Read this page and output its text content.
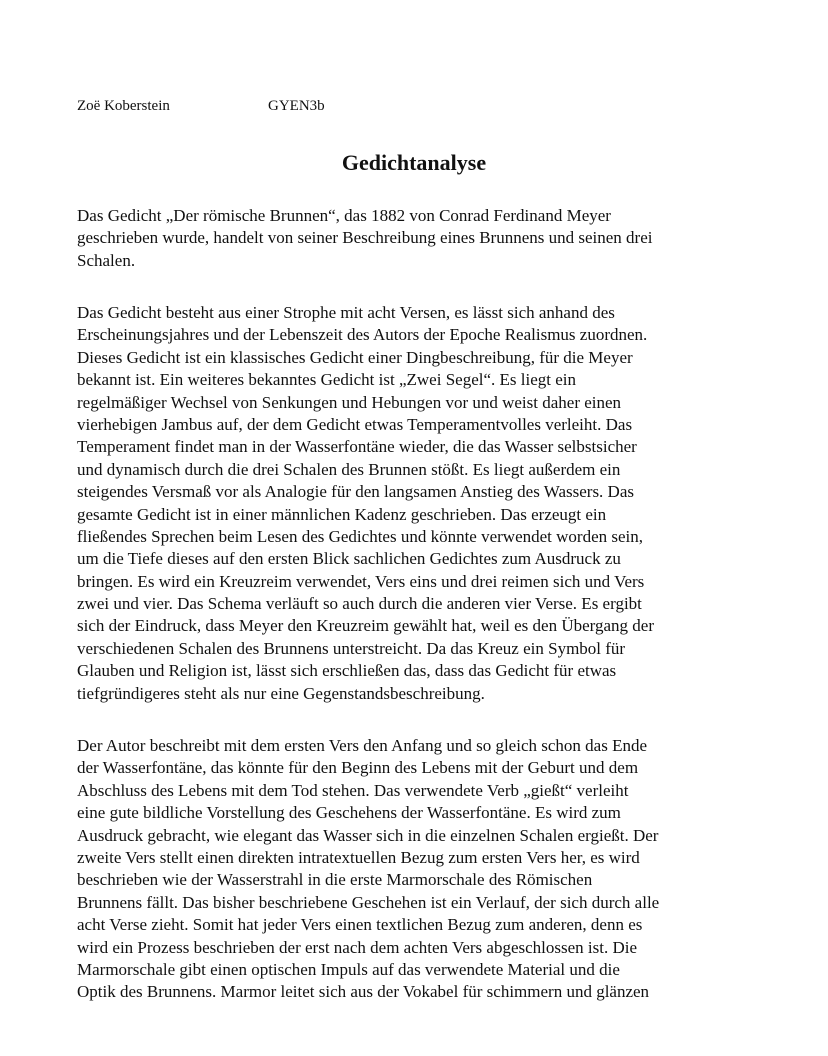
Zoë Koberstein	GYEN3b
Gedichtanalyse
Das Gedicht „Der römische Brunnen“, das 1882 von Conrad Ferdinand Meyer
geschrieben wurde, handelt von seiner Beschreibung eines Brunnens und seinen drei
Schalen.
Das Gedicht besteht aus einer Strophe mit acht Versen, es lässt sich anhand des
Erscheinungsjahres und der Lebenszeit des Autors der Epoche Realismus zuordnen.
Dieses Gedicht ist ein klassisches Gedicht einer Dingbeschreibung, für die Meyer
bekannt ist. Ein weiteres bekanntes Gedicht ist „Zwei Segel“. Es liegt ein
regelmäßiger Wechsel von Senkungen und Hebungen vor und weist daher einen
vierhebigen Jambus auf, der dem Gedicht etwas Temperamentvolles verleiht. Das
Temperament findet man in der Wasserfontäne wieder, die das Wasser selbstsicher
und dynamisch durch die drei Schalen des Brunnen stößt. Es liegt außerdem ein
steigendes Versmaß vor als Analogie für den langsamen Anstieg des Wassers. Das
gesamte Gedicht ist in einer männlichen Kadenz geschrieben. Das erzeugt ein
fließendes Sprechen beim Lesen des Gedichtes und könnte verwendet worden sein,
um die Tiefe dieses auf den ersten Blick sachlichen Gedichtes zum Ausdruck zu
bringen. Es wird ein Kreuzreim verwendet, Vers eins und drei reimen sich und Vers
zwei und vier. Das Schema verläuft so auch durch die anderen vier Verse. Es ergibt
sich der Eindruck, dass Meyer den Kreuzreim gewählt hat, weil es den Übergang der
verschiedenen Schalen des Brunnens unterstreicht. Da das Kreuz ein Symbol für
Glauben und Religion ist, lässt sich erschließen das, dass das Gedicht für etwas
tiefgründigeres steht als nur eine Gegenstandsbeschreibung.
Der Autor beschreibt mit dem ersten Vers den Anfang und so gleich schon das Ende
der Wasserfontäne, das könnte für den Beginn des Lebens mit der Geburt und dem
Abschluss des Lebens mit dem Tod stehen. Das verwendete Verb „gießt“ verleiht
eine gute bildliche Vorstellung des Geschehens der Wasserfontäne. Es wird zum
Ausdruck gebracht, wie elegant das Wasser sich in die einzelnen Schalen ergießt. Der
zweite Vers stellt einen direkten intratextuellen Bezug zum ersten Vers her, es wird
beschrieben wie der Wasserstrahl in die erste Marmorschale des Römischen
Brunnens fällt. Das bisher beschriebene Geschehen ist ein Verlauf, der sich durch alle
acht Verse zieht. Somit hat jeder Vers einen textlichen Bezug zum anderen, denn es
wird ein Prozess beschrieben der erst nach dem achten Vers abgeschlossen ist. Die
Marmorschale gibt einen optischen Impuls auf das verwendete Material und die
Optik des Brunnens. Marmor leitet sich aus der Vokabel für schimmern und glänzen
